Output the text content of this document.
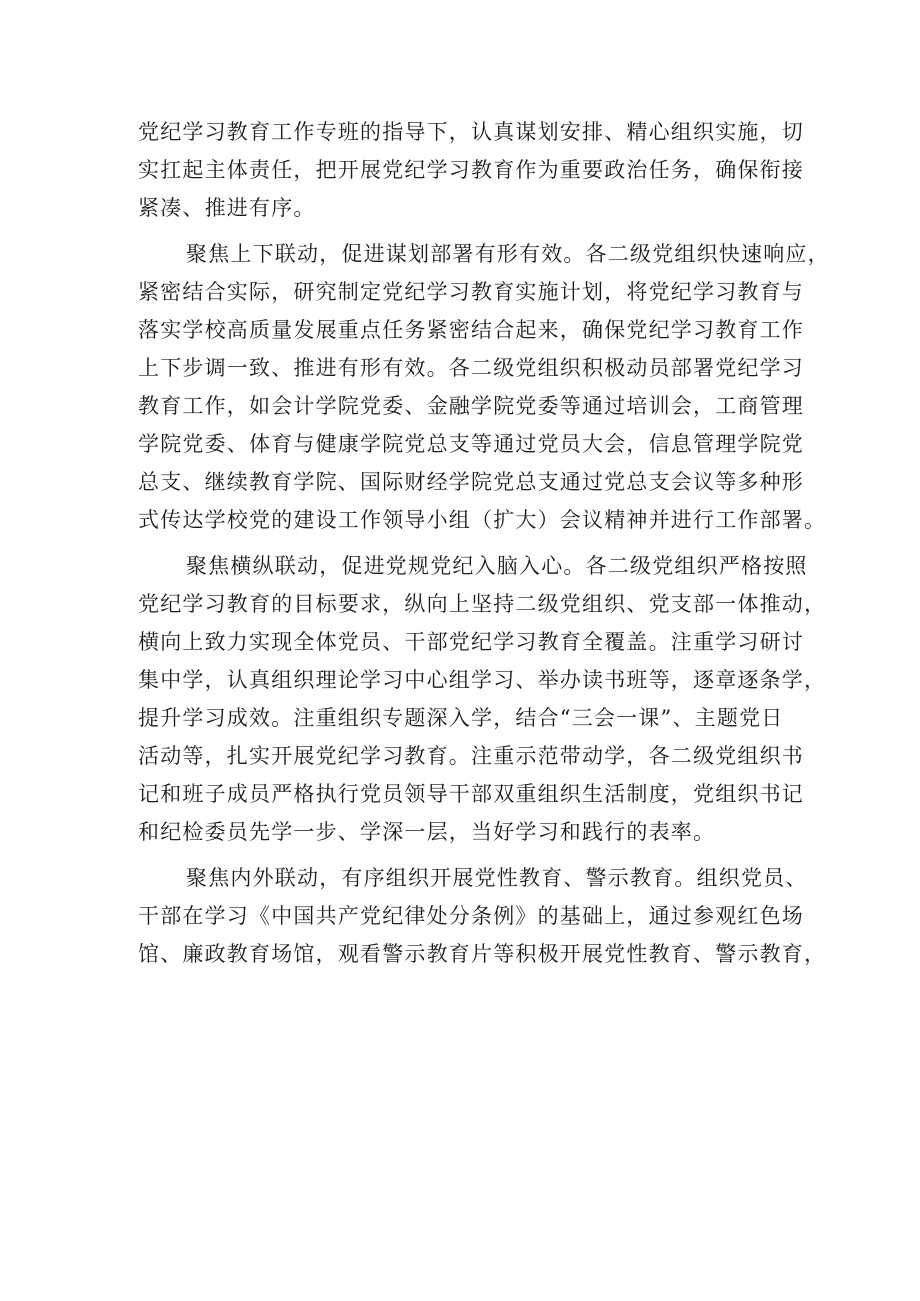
党纪学习教育工作专班的指导下，认真谋划安排、精心组织实施，切

实扛起主体责任，把开展党纪学习教育作为重要政治任务，确保衔接

紧凑、推进有序。

聚焦上下联动，促进谋划部署有形有效。各二级党组织快速响应，

紧密结合实际，研究制定党纪学习教育实施计划，将党纪学习教育与

落实学校高质量发展重点任务紧密结合起来，确保党纪学习教育工作

上下步调一致、推进有形有效。各二级党组织积极动员部署党纪学习

教育工作，如会计学院党委、金融学院党委等通过培训会，工商管理

学院党委、体育与健康学院党总支等通过党员大会，信息管理学院党

总支、继续教育学院、国际财经学院党总支通过党总支会议等多种形

式传达学校党的建设工作领导小组（扩大）会议精神并进行工作部署。

聚焦横纵联动，促进党规党纪入脑入心。各二级党组织严格按照

党纪学习教育的目标要求，纵向上坚持二级党组织、党支部一体推动，

横向上致力实现全体党员、干部党纪学习教育全覆盖。注重学习研讨

集中学，认真组织理论学习中心组学习、举办读书班等，逐章逐条学，

提升学习成效。注重组织专题深入学，结合“三会一课”、主题党日

活动等，扎实开展党纪学习教育。注重示范带动学，各二级党组织书

记和班子成员严格执行党员领导干部双重组织生活制度，党组织书记

和纪检委员先学一步、学深一层，当好学习和践行的表率。

聚焦内外联动，有序组织开展党性教育、警示教育。组织党员、

干部在学习《中国共产党纪律处分条例》的基础上，通过参观红色场

馆、廉政教育场馆，观看警示教育片等积极开展党性教育、警示教育，
